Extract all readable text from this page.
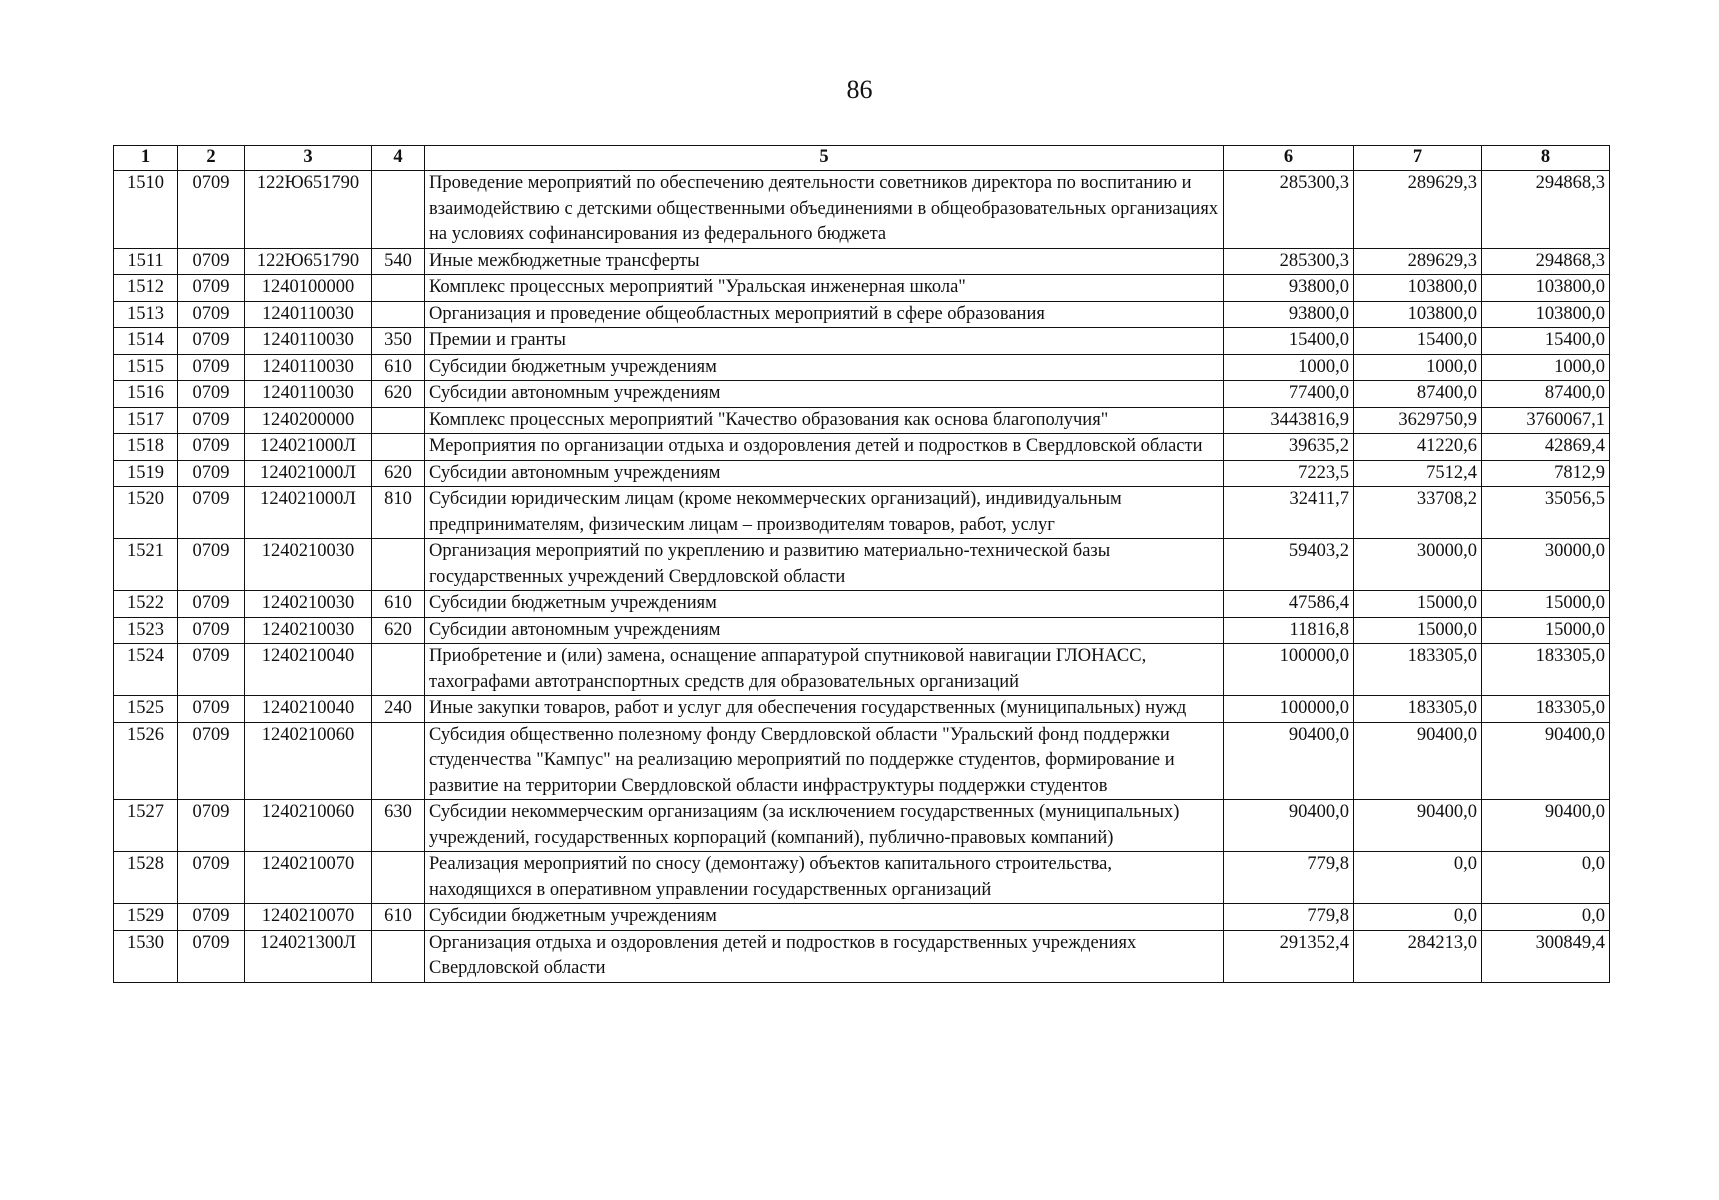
86
1	2	3	4	5	6	7	8
1510	0709	122Ю651790		Проведение мероприятий по обеспечению деятельности советников директора по воспитанию и взаимодействию с детскими общественными объединениями в общеобразовательных организациях на условиях софинансирования из федерального бюджета	285300,3	289629,3	294868,3
1511	0709	122Ю651790	540	Иные межбюджетные трансферты	285300,3	289629,3	294868,3
1512	0709	1240100000		Комплекс процессных мероприятий "Уральская инженерная школа"	93800,0	103800,0	103800,0
1513	0709	1240110030		Организация и проведение общеобластных мероприятий в сфере образования	93800,0	103800,0	103800,0
1514	0709	1240110030	350	Премии и гранты	15400,0	15400,0	15400,0
1515	0709	1240110030	610	Субсидии бюджетным учреждениям	1000,0	1000,0	1000,0
1516	0709	1240110030	620	Субсидии автономным учреждениям	77400,0	87400,0	87400,0
1517	0709	1240200000		Комплекс процессных мероприятий "Качество образования как основа благополучия"	3443816,9	3629750,9	3760067,1
1518	0709	124021000Л		Мероприятия по организации отдыха и оздоровления детей и подростков в Свердловской области	39635,2	41220,6	42869,4
1519	0709	124021000Л	620	Субсидии автономным учреждениям	7223,5	7512,4	7812,9
1520	0709	124021000Л	810	Субсидии юридическим лицам (кроме некоммерческих организаций), индивидуальным предпринимателям, физическим лицам – производителям товаров, работ, услуг	32411,7	33708,2	35056,5
1521	0709	1240210030		Организация мероприятий по укреплению и развитию материально-технической базы государственных учреждений Свердловской области	59403,2	30000,0	30000,0
1522	0709	1240210030	610	Субсидии бюджетным учреждениям	47586,4	15000,0	15000,0
1523	0709	1240210030	620	Субсидии автономным учреждениям	11816,8	15000,0	15000,0
1524	0709	1240210040		Приобретение и (или) замена, оснащение аппаратурой спутниковой навигации ГЛОНАСС, тахографами автотранспортных средств для образовательных организаций	100000,0	183305,0	183305,0
1525	0709	1240210040	240	Иные закупки товаров, работ и услуг для обеспечения государственных (муниципальных) нужд	100000,0	183305,0	183305,0
1526	0709	1240210060		Субсидия общественно полезному фонду Свердловской области "Уральский фонд поддержки студенчества "Кампус" на реализацию мероприятий по поддержке студентов, формирование и развитие на территории Свердловской области инфраструктуры поддержки студентов	90400,0	90400,0	90400,0
1527	0709	1240210060	630	Субсидии некоммерческим организациям (за исключением государственных (муниципальных) учреждений, государственных корпораций (компаний), публично-правовых компаний)	90400,0	90400,0	90400,0
1528	0709	1240210070		Реализация мероприятий по сносу (демонтажу) объектов капитального строительства, находящихся в оперативном управлении государственных организаций	779,8	0,0	0,0
1529	0709	1240210070	610	Субсидии бюджетным учреждениям	779,8	0,0	0,0
1530	0709	124021300Л		Организация отдыха и оздоровления детей и подростков в государственных учреждениях Свердловской области	291352,4	284213,0	300849,4
